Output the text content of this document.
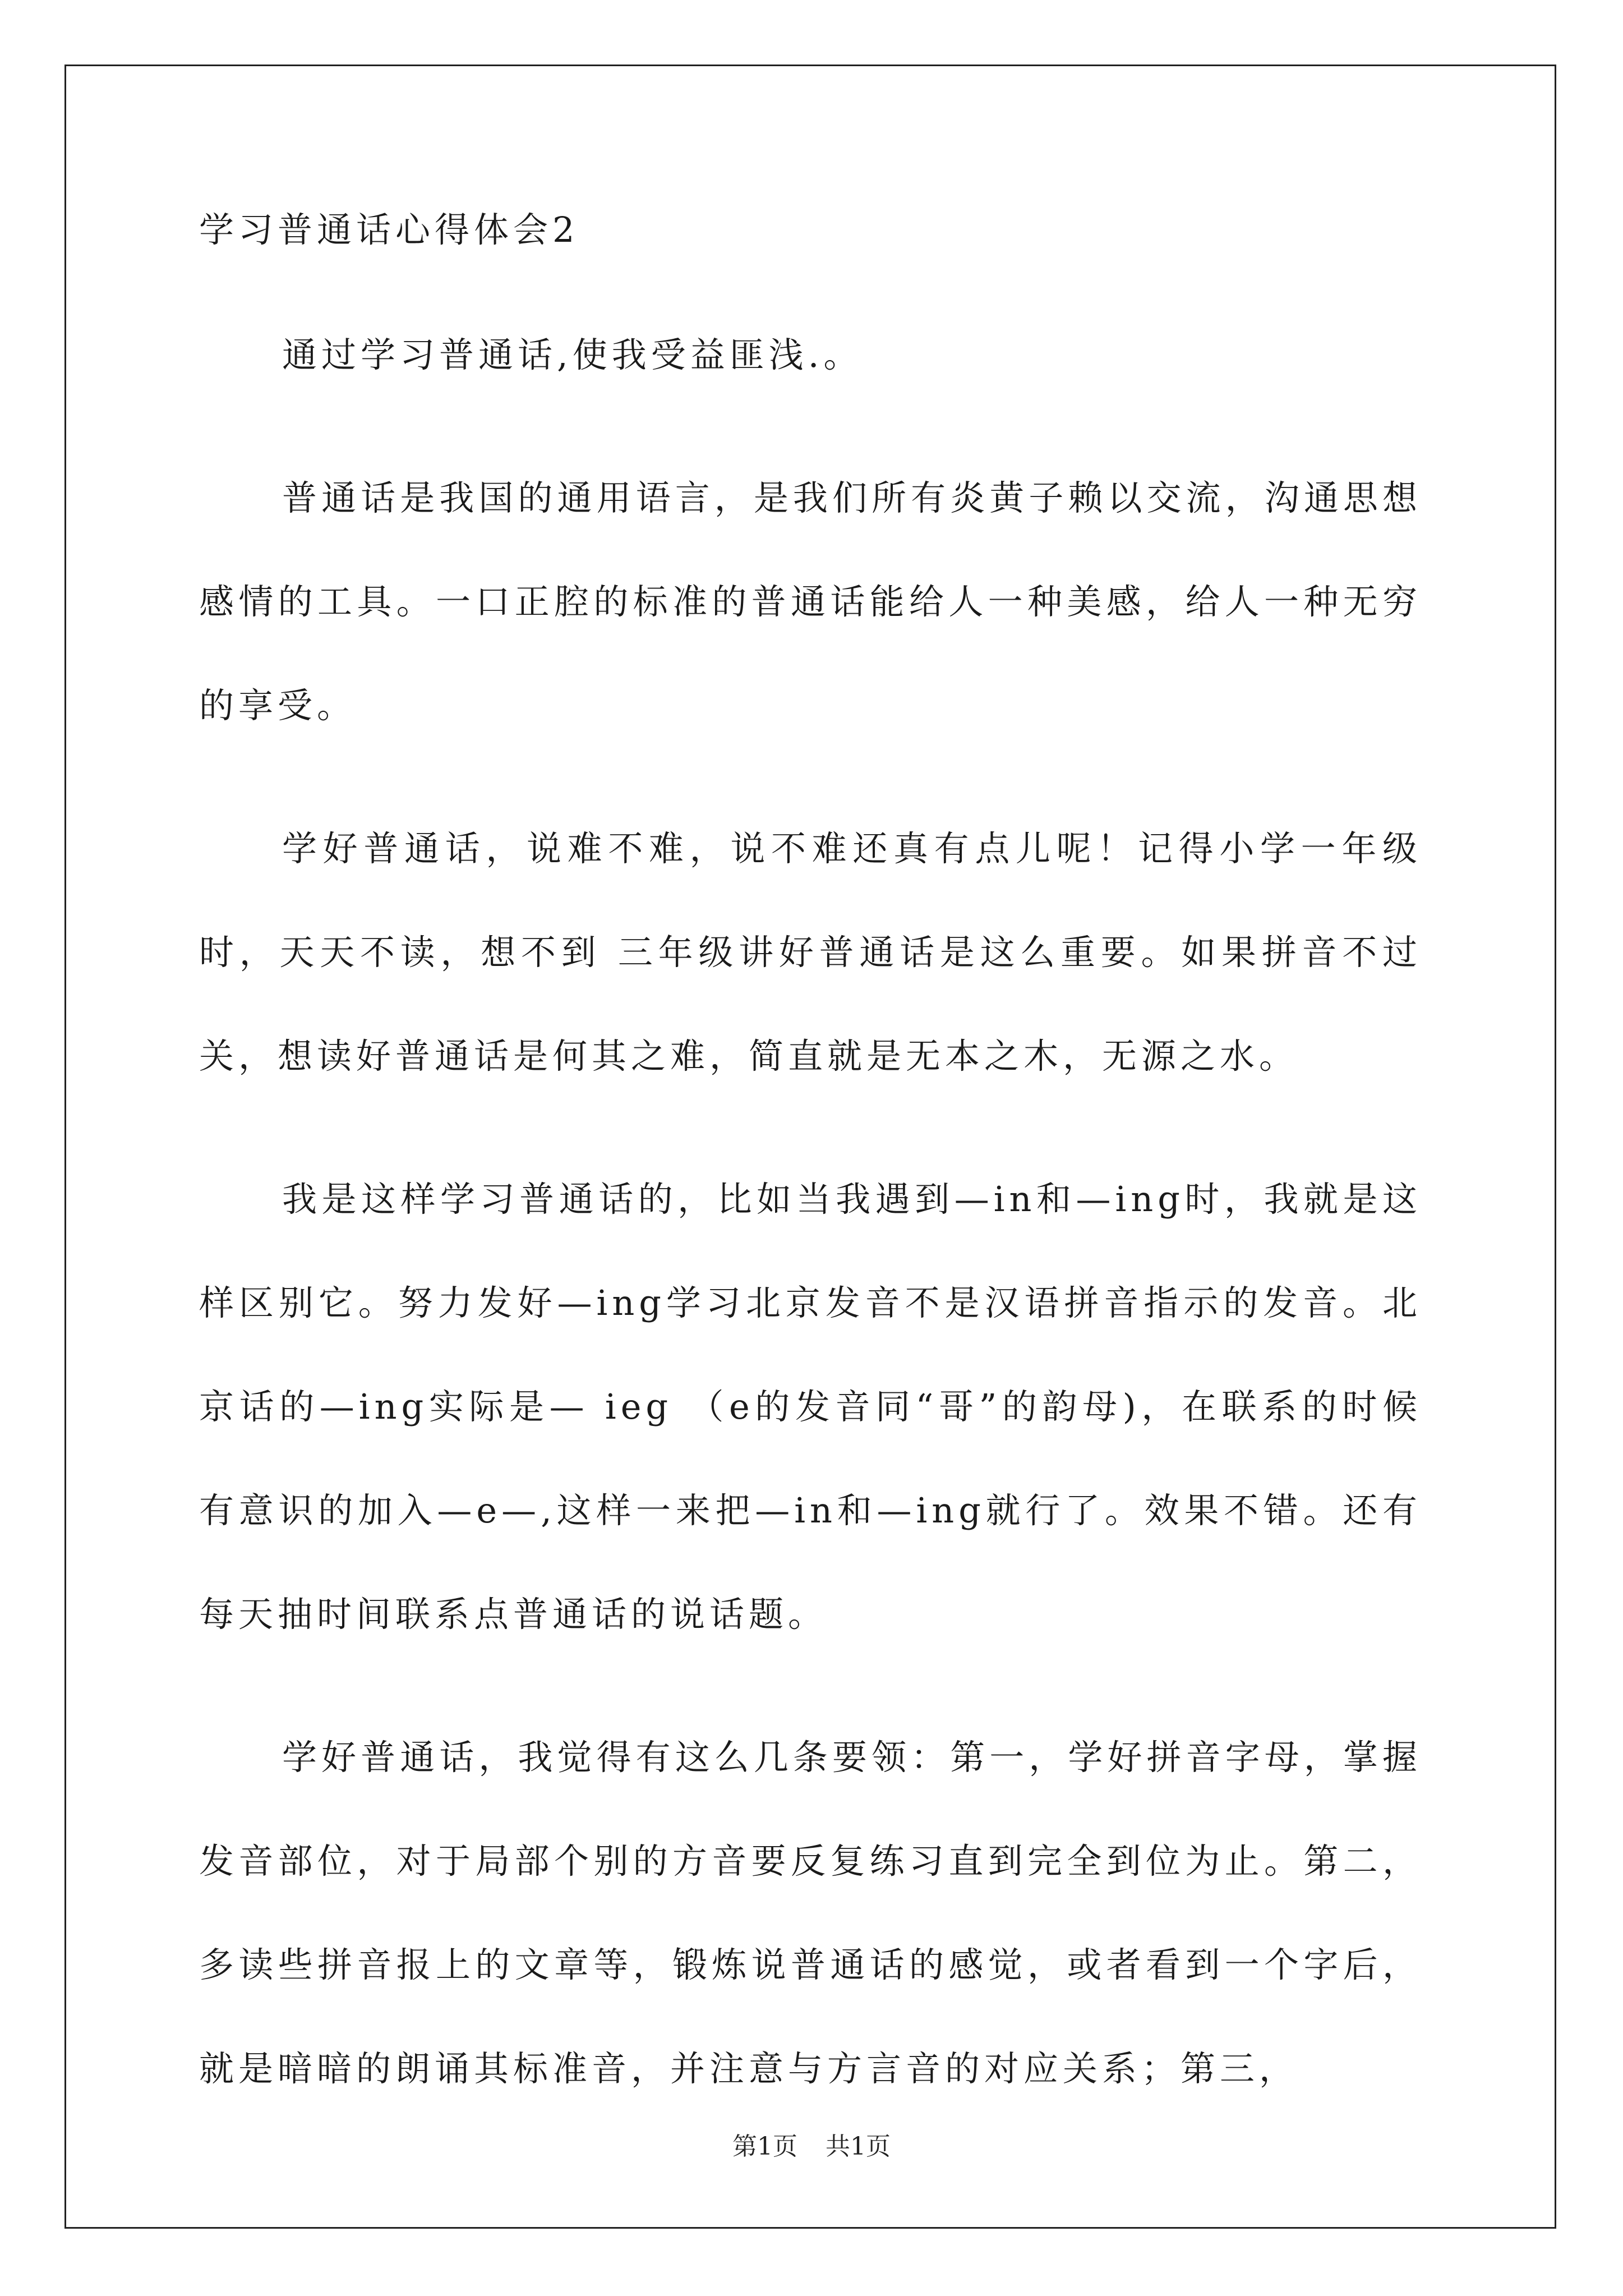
学习普通话心得体会2

通过学习普通话,使我受益匪浅.。

普通话是我国的通用语言，是我们所有炎黄子赖以交流，沟通思想感情的工具。一口正腔的标准的普通话能给人一种美感，给人一种无穷的享受。

学好普通话，说难不难，说不难还真有点儿呢！记得小学一年级时，天天不读，想不到 三年级讲好普通话是这么重要。如果拼音不过关，想读好普通话是何其之难，简直就是无本之木，无源之水。

我是这样学习普通话的，比如当我遇到—in和—ing时，我就是这样区别它。努力发好—ing学习北京发音不是汉语拼音指示的发音。北京话的—ing实际是— ieg （e的发音同“哥”的韵母)，在联系的时候有意识的加入—e—,这样一来把—in和—ing就行了。效果不错。还有每天抽时间联系点普通话的说话题。

学好普通话，我觉得有这么几条要领：第一，学好拼音字母，掌握发音部位，对于局部个别的方音要反复练习直到完全到位为止。第二，多读些拼音报上的文章等，锻炼说普通话的感觉，或者看到一个字后，就是暗暗的朗诵其标准音，并注意与方言音的对应关系；第三，

第1页 共1页
